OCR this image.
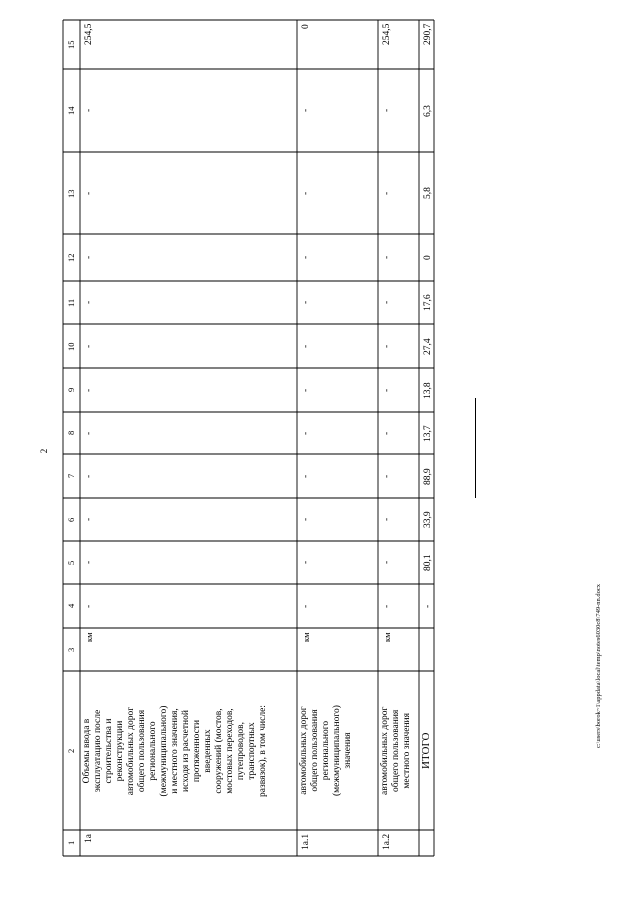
2
c:\users\borok~1\appdata\local\temp\notes6030c8\749-nn.docx
1
2
3
4
5
6
7
8
9
10
11
12
13
14
15
1а
Объемы ввода в эксплуатацию после строительства и реконструкции автомобильных дорог общего пользования регионального (межмуниципального) и местного значения, исходя из расчетной протяженности введенных сооружений (мостов, мостовых переходов, путепроводов, транспортных развязок), в том числе:
км
-
-
-
-
-
-
-
-
-
-
-
254,5
1а.1
автомобильных дорог общего пользования регионального (межмуниципального) значения
км
-
-
-
-
-
-
-
-
-
-
-
0
1а.2
автомобильных дорог общего пользования местного значения
км
-
-
-
-
-
-
-
-
-
-
-
254,5
ИТОГО
-
80,1
33,9
88,9
13,7
13,8
27,4
17,6
0
5,8
6,3
290,7
